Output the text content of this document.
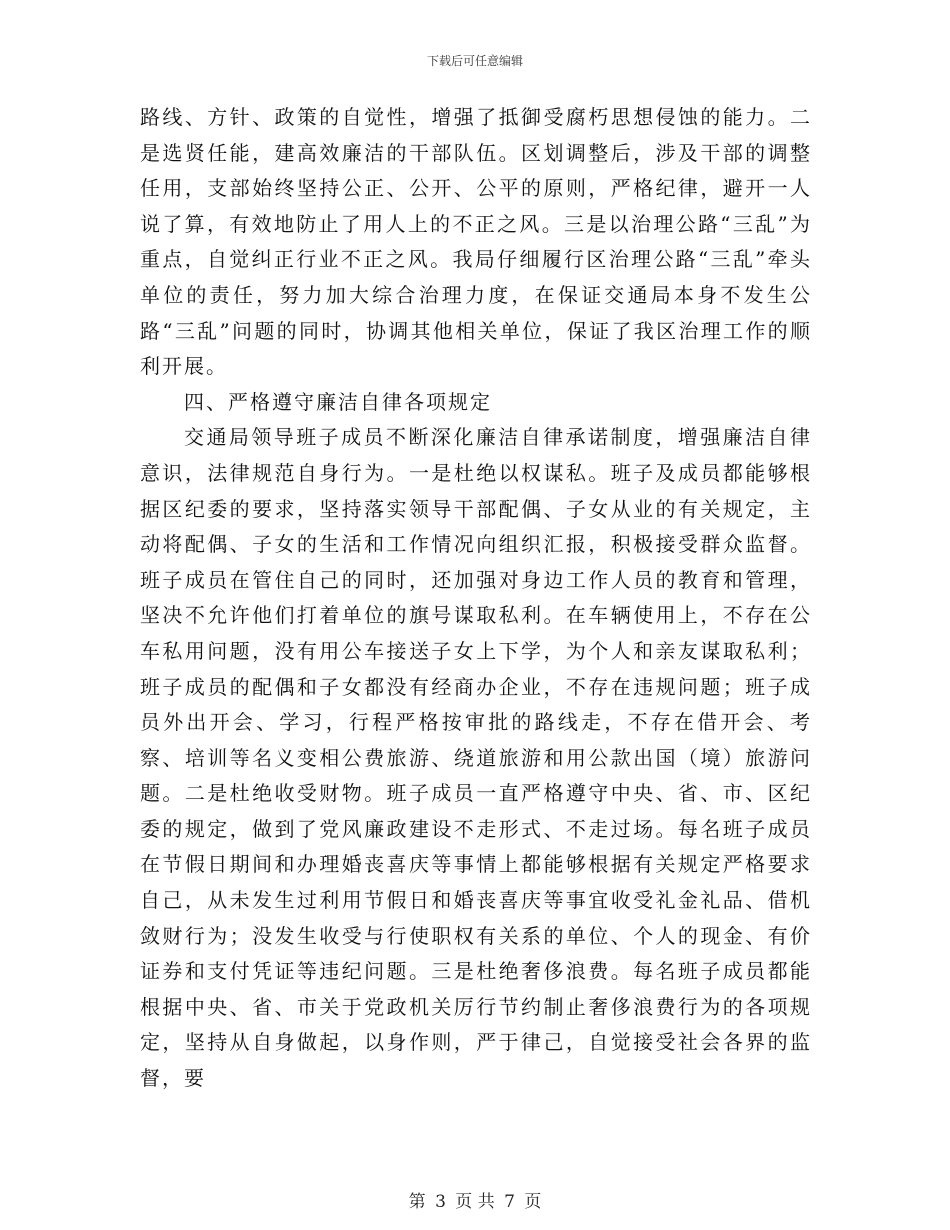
下载后可任意编辑

路线、方针、政策的自觉性，增强了抵御受腐朽思想侵蚀的能力。二是选贤任能，建高效廉洁的干部队伍。区划调整后，涉及干部的调整任用，支部始终坚持公正、公开、公平的原则，严格纪律，避开一人说了算，有效地防止了用人上的不正之风。三是以治理公路“三乱”为重点，自觉纠正行业不正之风。我局仔细履行区治理公路“三乱”牵头单位的责任，努力加大综合治理力度，在保证交通局本身不发生公路“三乱”问题的同时，协调其他相关单位，保证了我区治理工作的顺利开展。

四、严格遵守廉洁自律各项规定

交通局领导班子成员不断深化廉洁自律承诺制度，增强廉洁自律意识，法律规范自身行为。一是杜绝以权谋私。班子及成员都能够根据区纪委的要求，坚持落实领导干部配偶、子女从业的有关规定，主动将配偶、子女的生活和工作情况向组织汇报，积极接受群众监督。班子成员在管住自己的同时，还加强对身边工作人员的教育和管理，坚决不允许他们打着单位的旗号谋取私利。在车辆使用上，不存在公车私用问题，没有用公车接送子女上下学，为个人和亲友谋取私利；班子成员的配偶和子女都没有经商办企业，不存在违规问题；班子成员外出开会、学习，行程严格按审批的路线走，不存在借开会、考察、培训等名义变相公费旅游、绕道旅游和用公款出国（境）旅游问题。二是杜绝收受财物。班子成员一直严格遵守中央、省、市、区纪委的规定，做到了党风廉政建设不走形式、不走过场。每名班子成员在节假日期间和办理婚丧喜庆等事情上都能够根据有关规定严格要求自己，从未发生过利用节假日和婚丧喜庆等事宜收受礼金礼品、借机敛财行为；没发生收受与行使职权有关系的单位、个人的现金、有价证券和支付凭证等违纪问题。三是杜绝奢侈浪费。每名班子成员都能根据中央、省、市关于党政机关厉行节约制止奢侈浪费行为的各项规定，坚持从自身做起，以身作则，严于律己，自觉接受社会各界的监督，要

第 3 页 共 7 页
